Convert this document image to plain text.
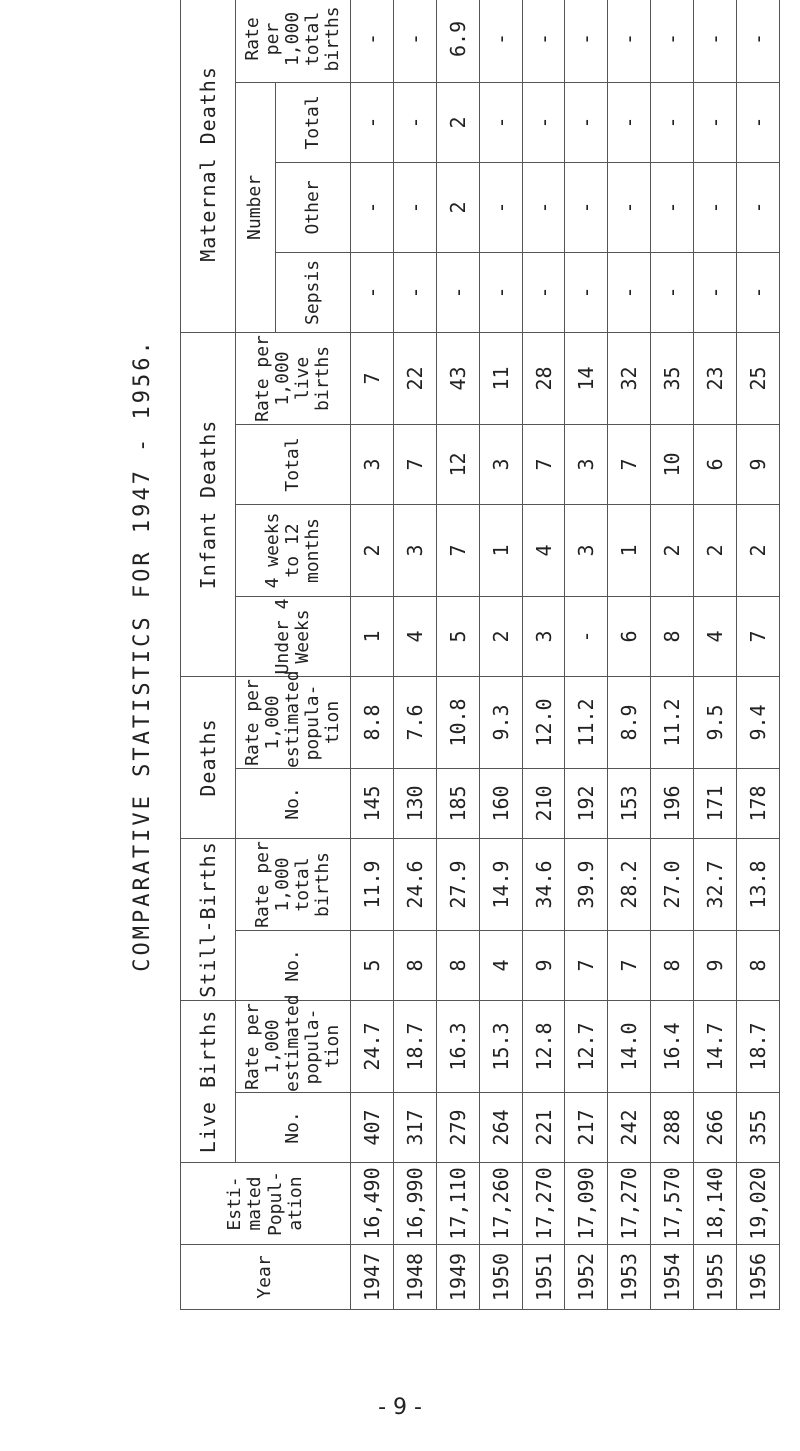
COMPARATIVE STATISTICS FOR 1947 - 1956.
Year	Esti-mated Popul-ation	Live Births		Still-Births		Deaths		Infant Deaths				Maternal Deaths			
		No.	Rate per 1,000 estimated popula-tion	No.	Rate per 1,000 total births	No.	Rate per 1,000 estimated popula-tion	Under 4 Weeks	4 weeks to 12 months	Total	Rate per 1,000 live births	Number			Rate per 1,000 total births
												Sepsis	Other	Total	
1947	16,490	407	24.7	5	11.9	145	8.8	1	2	3	7	-	-	-	-
1948	16,990	317	18.7	8	24.6	130	7.6	4	3	7	22	-	-	-	-
1949	17,110	279	16.3	8	27.9	185	10.8	5	7	12	43	-	2	2	6.9
1950	17,260	264	15.3	4	14.9	160	9.3	2	1	3	11	-	-	-	-
1951	17,270	221	12.8	9	34.6	210	12.0	3	4	7	28	-	-	-	-
1952	17,090	217	12.7	7	39.9	192	11.2	-	3	3	14	-	-	-	-
1953	17,270	242	14.0	7	28.2	153	8.9	6	1	7	32	-	-	-	-
1954	17,570	288	16.4	8	27.0	196	11.2	8	2	10	35	-	-	-	-
1955	18,140	266	14.7	9	32.7	171	9.5	4	2	6	23	-	-	-	-
1956	19,020	355	18.7	8	13.8	178	9.4	7	2	9	25	-	-	-	-
- 9 -
